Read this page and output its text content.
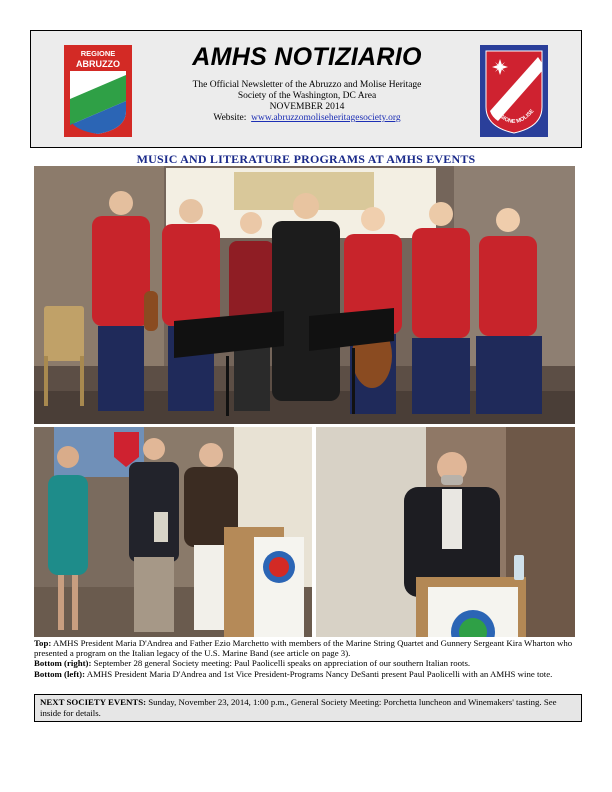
REGIONE
ABRUZZO	AMHS NOTIZIARIO

The Official Newsletter of the Abruzzo and Molise Heritage

Society of the Washington, DC Area

NOVEMBER 2014

Website: www.abruzzomoliseheritagesociety.org

REGIONE MOLISE
MUSIC AND LITERATURE PROGRAMS AT AMHS EVENTS

Top: AMHS President Maria D'Andrea and Father Ezio Marchetto with members of the Marine String Quartet and Gunnery Sergeant Kira Wharton who presented a program on the Italian legacy of the U.S. Marine Band (see article on page 3).

Bottom (right): September 28 general Society meeting: Paul Paolicelli speaks on appreciation of our southern Italian roots.

Bottom (left): AMHS President Maria D'Andrea and 1st Vice President-Programs Nancy DeSanti present Paul Paolicelli with an AMHS wine tote.

NEXT SOCIETY EVENTS: Sunday, November 23, 2014, 1:00 p.m., General Society Meeting: Porchetta luncheon and Winemakers' tasting. See inside for details.
